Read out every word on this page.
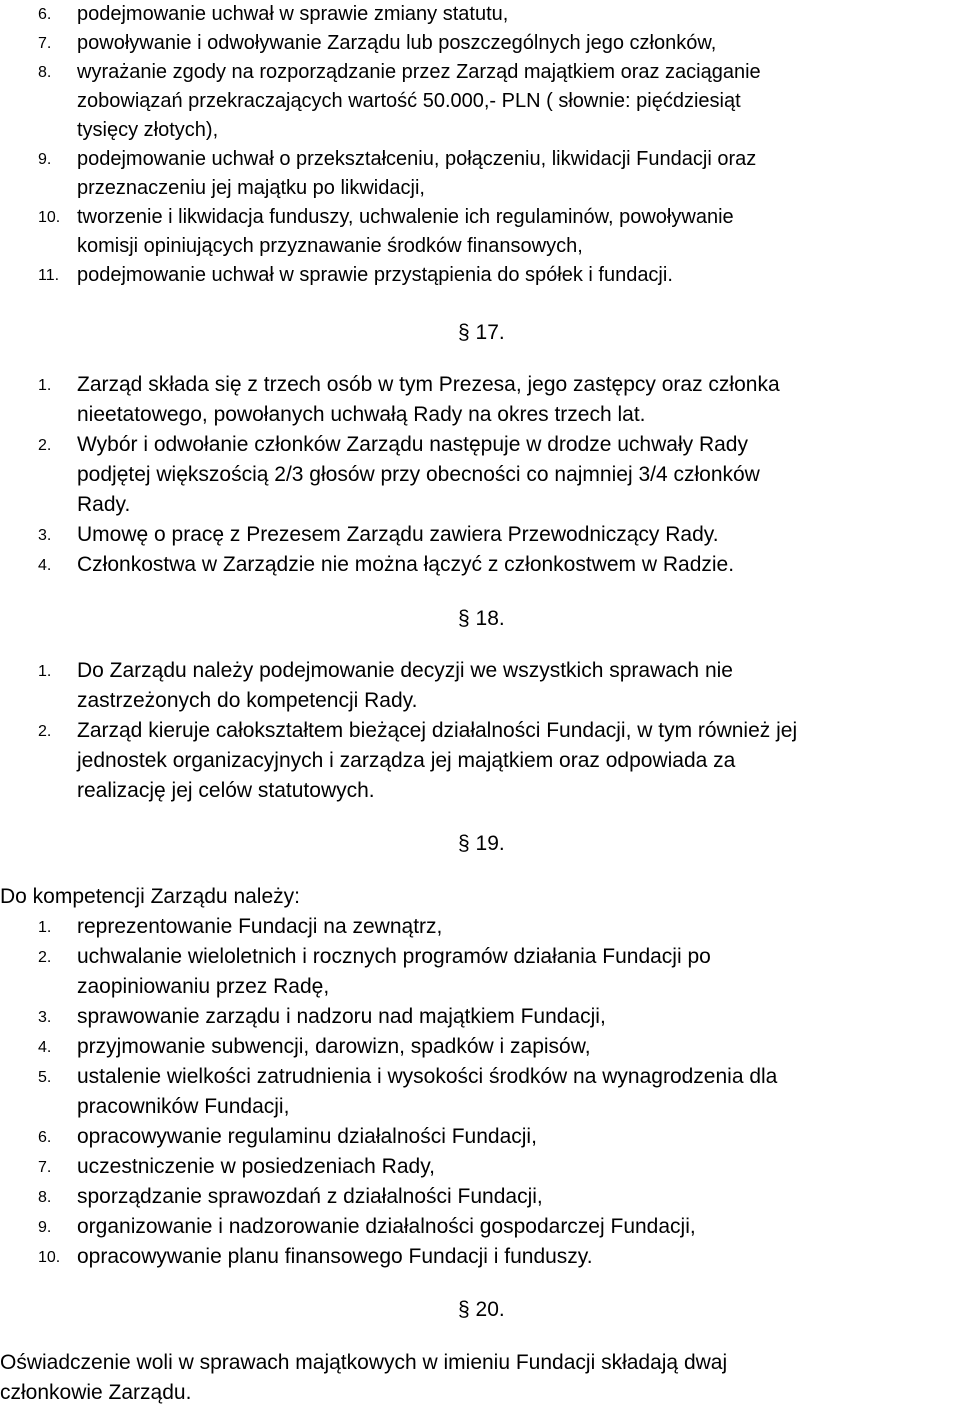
6. podejmowanie uchwał w sprawie zmiany statutu,
7. powoływanie i odwoływanie Zarządu lub poszczególnych jego członków,
8. wyrażanie zgody na rozporządzanie przez Zarząd majątkiem oraz zaciąganie
zobowiązań przekraczających wartość 50.000,- PLN ( słownie: pięćdziesiąt
tysięcy złotych),
9. podejmowanie uchwał o przekształceniu, połączeniu, likwidacji Fundacji oraz
przeznaczeniu jej majątku po likwidacji,
10. tworzenie i likwidacja funduszy, uchwalenie ich regulaminów, powoływanie
komisji opiniujących przyznawanie środków finansowych,
11. podejmowanie uchwał w sprawie przystąpienia do spółek i fundacji.
§ 17.
1. Zarząd składa się z trzech osób w tym Prezesa, jego zastępcy oraz członka
nieetatowego, powołanych uchwałą Rady na okres trzech lat.
2. Wybór i odwołanie członków Zarządu następuje w drodze uchwały Rady
podjętej większością 2/3 głosów przy obecności co najmniej 3/4 członków
Rady.
3. Umowę o pracę z Prezesem Zarządu zawiera Przewodniczący Rady.
4. Członkostwa w Zarządzie nie można łączyć z członkostwem w Radzie.
§ 18.
1. Do Zarządu należy podejmowanie decyzji we wszystkich sprawach nie
zastrzeżonych do kompetencji Rady.
2. Zarząd kieruje całokształtem bieżącej działalności Fundacji, w tym również jej
jednostek organizacyjnych i zarządza jej majątkiem oraz odpowiada za
realizację jej celów statutowych.
§ 19.
Do kompetencji Zarządu należy:
1. reprezentowanie Fundacji na zewnątrz,
2. uchwalanie wieloletnich i rocznych programów działania Fundacji po
zaopiniowaniu przez Radę,
3. sprawowanie zarządu i nadzoru nad majątkiem Fundacji,
4. przyjmowanie subwencji, darowizn, spadków i zapisów,
5. ustalenie wielkości zatrudnienia i wysokości środków na wynagrodzenia dla
pracowników Fundacji,
6. opracowywanie regulaminu działalności Fundacji,
7. uczestniczenie w posiedzeniach Rady,
8. sporządzanie sprawozdań z działalności Fundacji,
9. organizowanie i nadzorowanie działalności gospodarczej Fundacji,
10. opracowywanie planu finansowego Fundacji i funduszy.
§ 20.
Oświadczenie woli w sprawach majątkowych w imieniu Fundacji składają dwaj
członkowie Zarządu.
